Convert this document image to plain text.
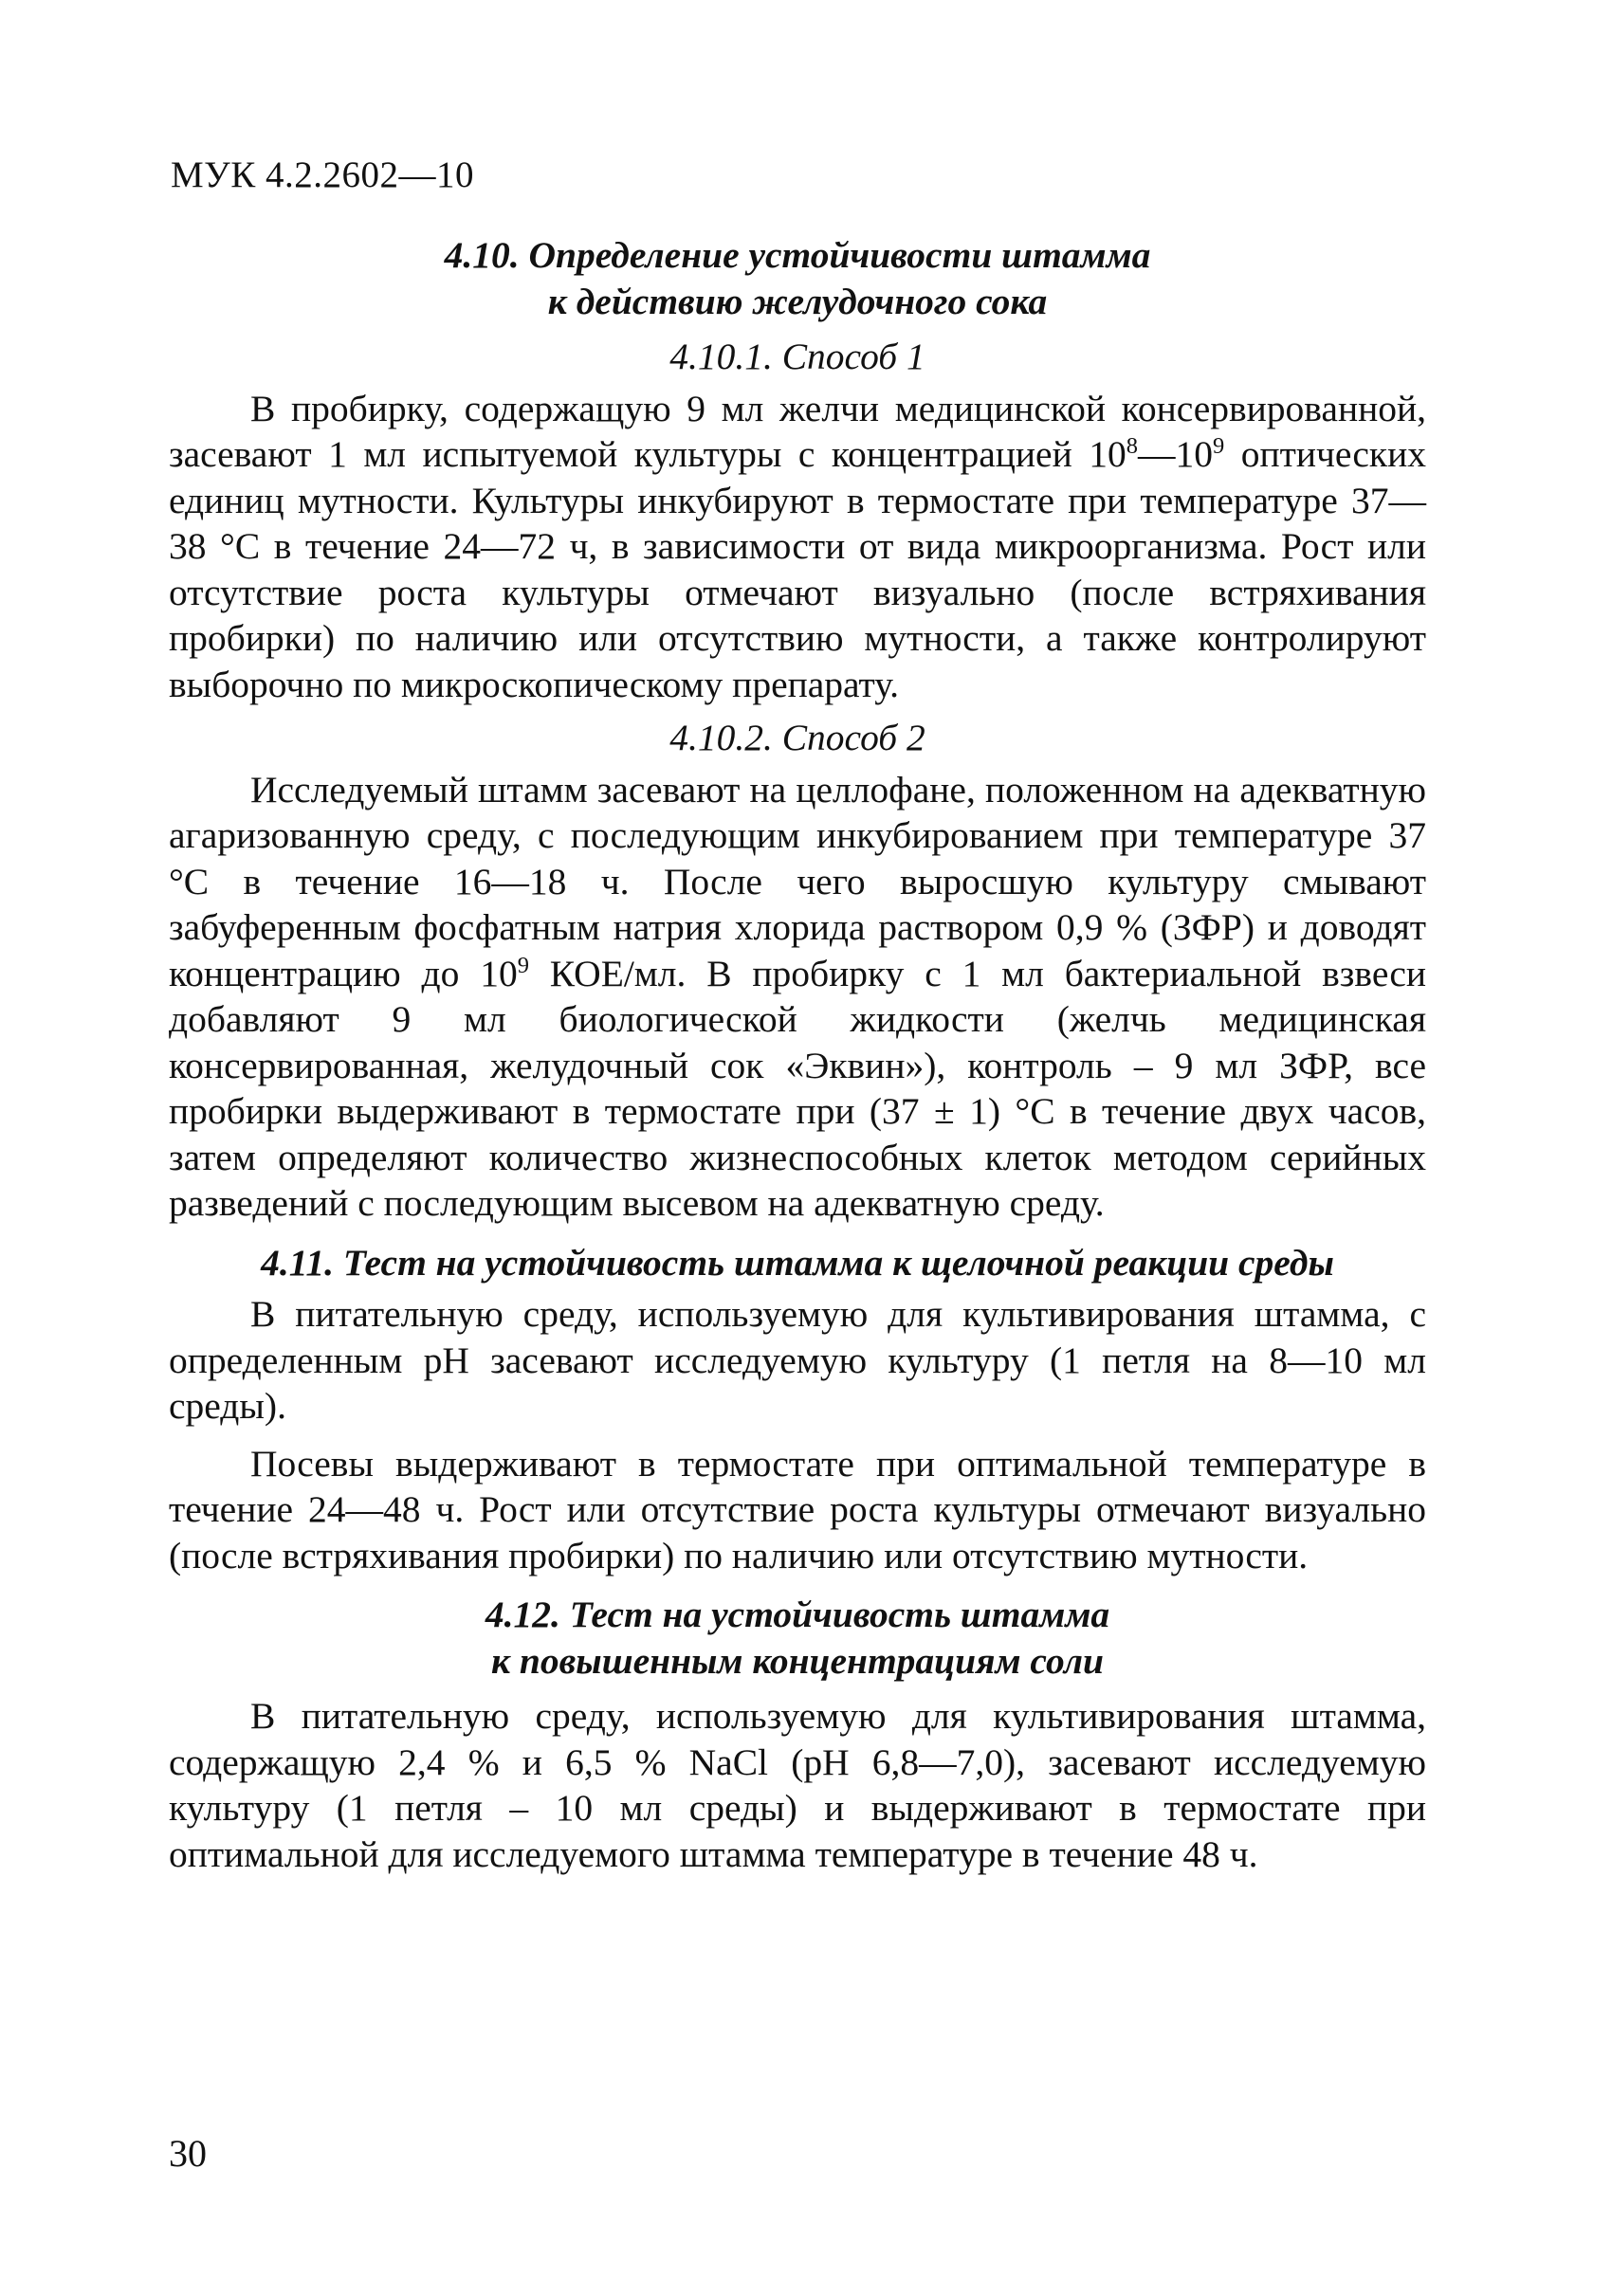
МУК 4.2.2602—10

4.10. Определение устойчивости штамма

к действию желудочного сока

4.10.1. Способ 1

В пробирку, содержащую 9 мл желчи медицинской консервированной, засевают 1 мл испытуемой культуры с концентрацией $10^8—10^9$ оптических единиц мутности. Культуры инкубируют в термостате при температуре 37—38 °С в течение 24—72 ч, в зависимости от вида микроорганизма. Рост или отсутствие роста культуры отмечают визуально (после встряхивания пробирки) по наличию или отсутствию мутности, а также контролируют выборочно по микроскопическому препарату.

4.10.2. Способ 2

Исследуемый штамм засевают на целлофане, положенном на адекватную агаризованную среду, с последующим инкубированием при температуре 37 °С в течение 16—18 ч. После чего выросшую культуру смывают забуференным фосфатным натрия хлорида раствором 0,9 % (ЗФР) и доводят концентрацию до $10^9$ КОЕ/мл. В пробирку с 1 мл бактериальной взвеси добавляют 9 мл биологической жидкости (желчь медицинская консервированная, желудочный сок «Эквин»), контроль – 9 мл ЗФР, все пробирки выдерживают в термостате при (37 ± 1) °С в течение двух часов, затем определяют количество жизнеспособных клеток методом серийных разведений с последующим высевом на адекватную среду.

4.11. Тест на устойчивость штамма к щелочной реакции среды

В питательную среду, используемую для культивирования штамма, с определенным рН засевают исследуемую культуру (1 петля на 8—10 мл среды).

Посевы выдерживают в термостате при оптимальной температуре в течение 24—48 ч. Рост или отсутствие роста культуры отмечают визуально (после встряхивания пробирки) по наличию или отсутствию мутности.

4.12. Тест на устойчивость штамма

к повышенным концентрациям соли

В питательную среду, используемую для культивирования штамма, содержащую 2,4 % и 6,5 % NaCl (рН 6,8—7,0), засевают исследуемую культуру (1 петля – 10 мл среды) и выдерживают в термостате при оптимальной для исследуемого штамма температуре в течение 48 ч.

30
